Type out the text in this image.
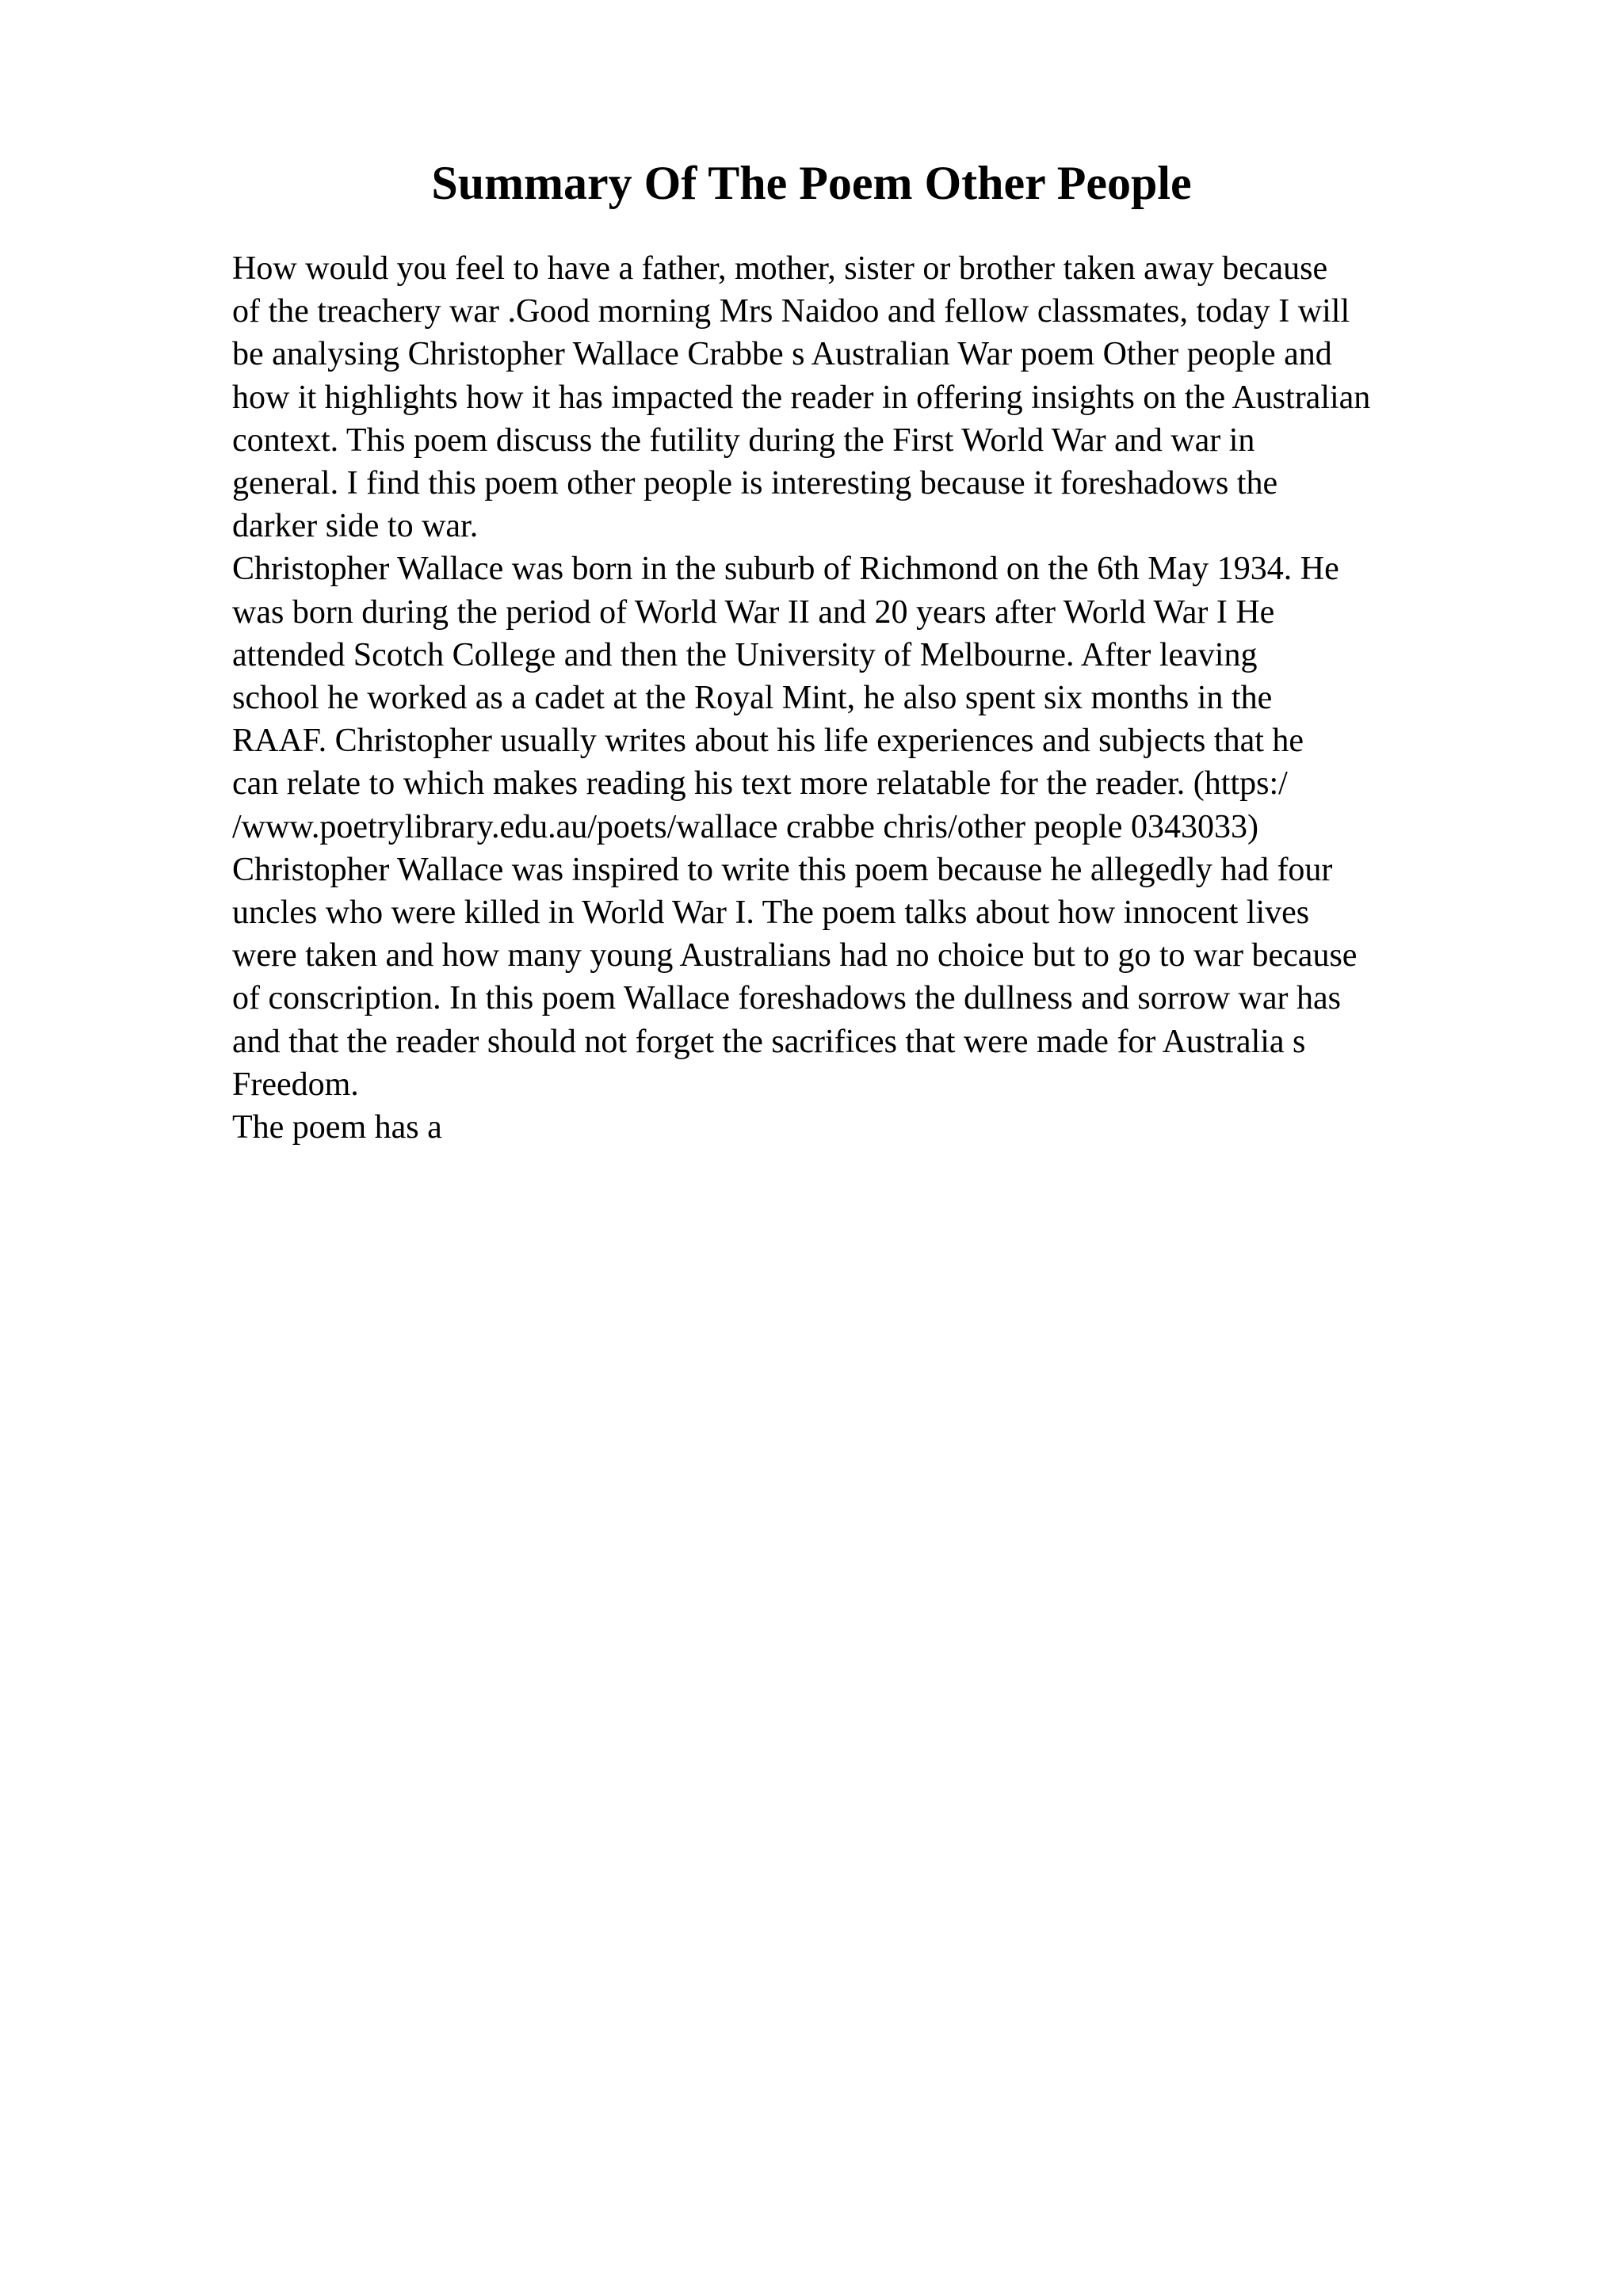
Summary Of The Poem Other People
How would you feel to have a father, mother, sister or brother taken away because
of the treachery war .Good morning Mrs Naidoo and fellow classmates, today I will
be analysing Christopher Wallace Crabbe s Australian War poem Other people and
how it highlights how it has impacted the reader in offering insights on the Australian
context. This poem discuss the futility during the First World War and war in
general. I find this poem other people is interesting because it foreshadows the
darker side to war.
Christopher Wallace was born in the suburb of Richmond on the 6th May 1934. He
was born during the period of World War II and 20 years after World War I He
attended Scotch College and then the University of Melbourne. After leaving
school he worked as a cadet at the Royal Mint, he also spent six months in the
RAAF. Christopher usually writes about his life experiences and subjects that he
can relate to which makes reading his text more relatable for the reader. (https:/
/www.poetrylibrary.edu.au/poets/wallace crabbe chris/other people 0343033)
Christopher Wallace was inspired to write this poem because he allegedly had four
uncles who were killed in World War I. The poem talks about how innocent lives
were taken and how many young Australians had no choice but to go to war because
of conscription. In this poem Wallace foreshadows the dullness and sorrow war has
and that the reader should not forget the sacrifices that were made for Australia s
Freedom.
The poem has a
